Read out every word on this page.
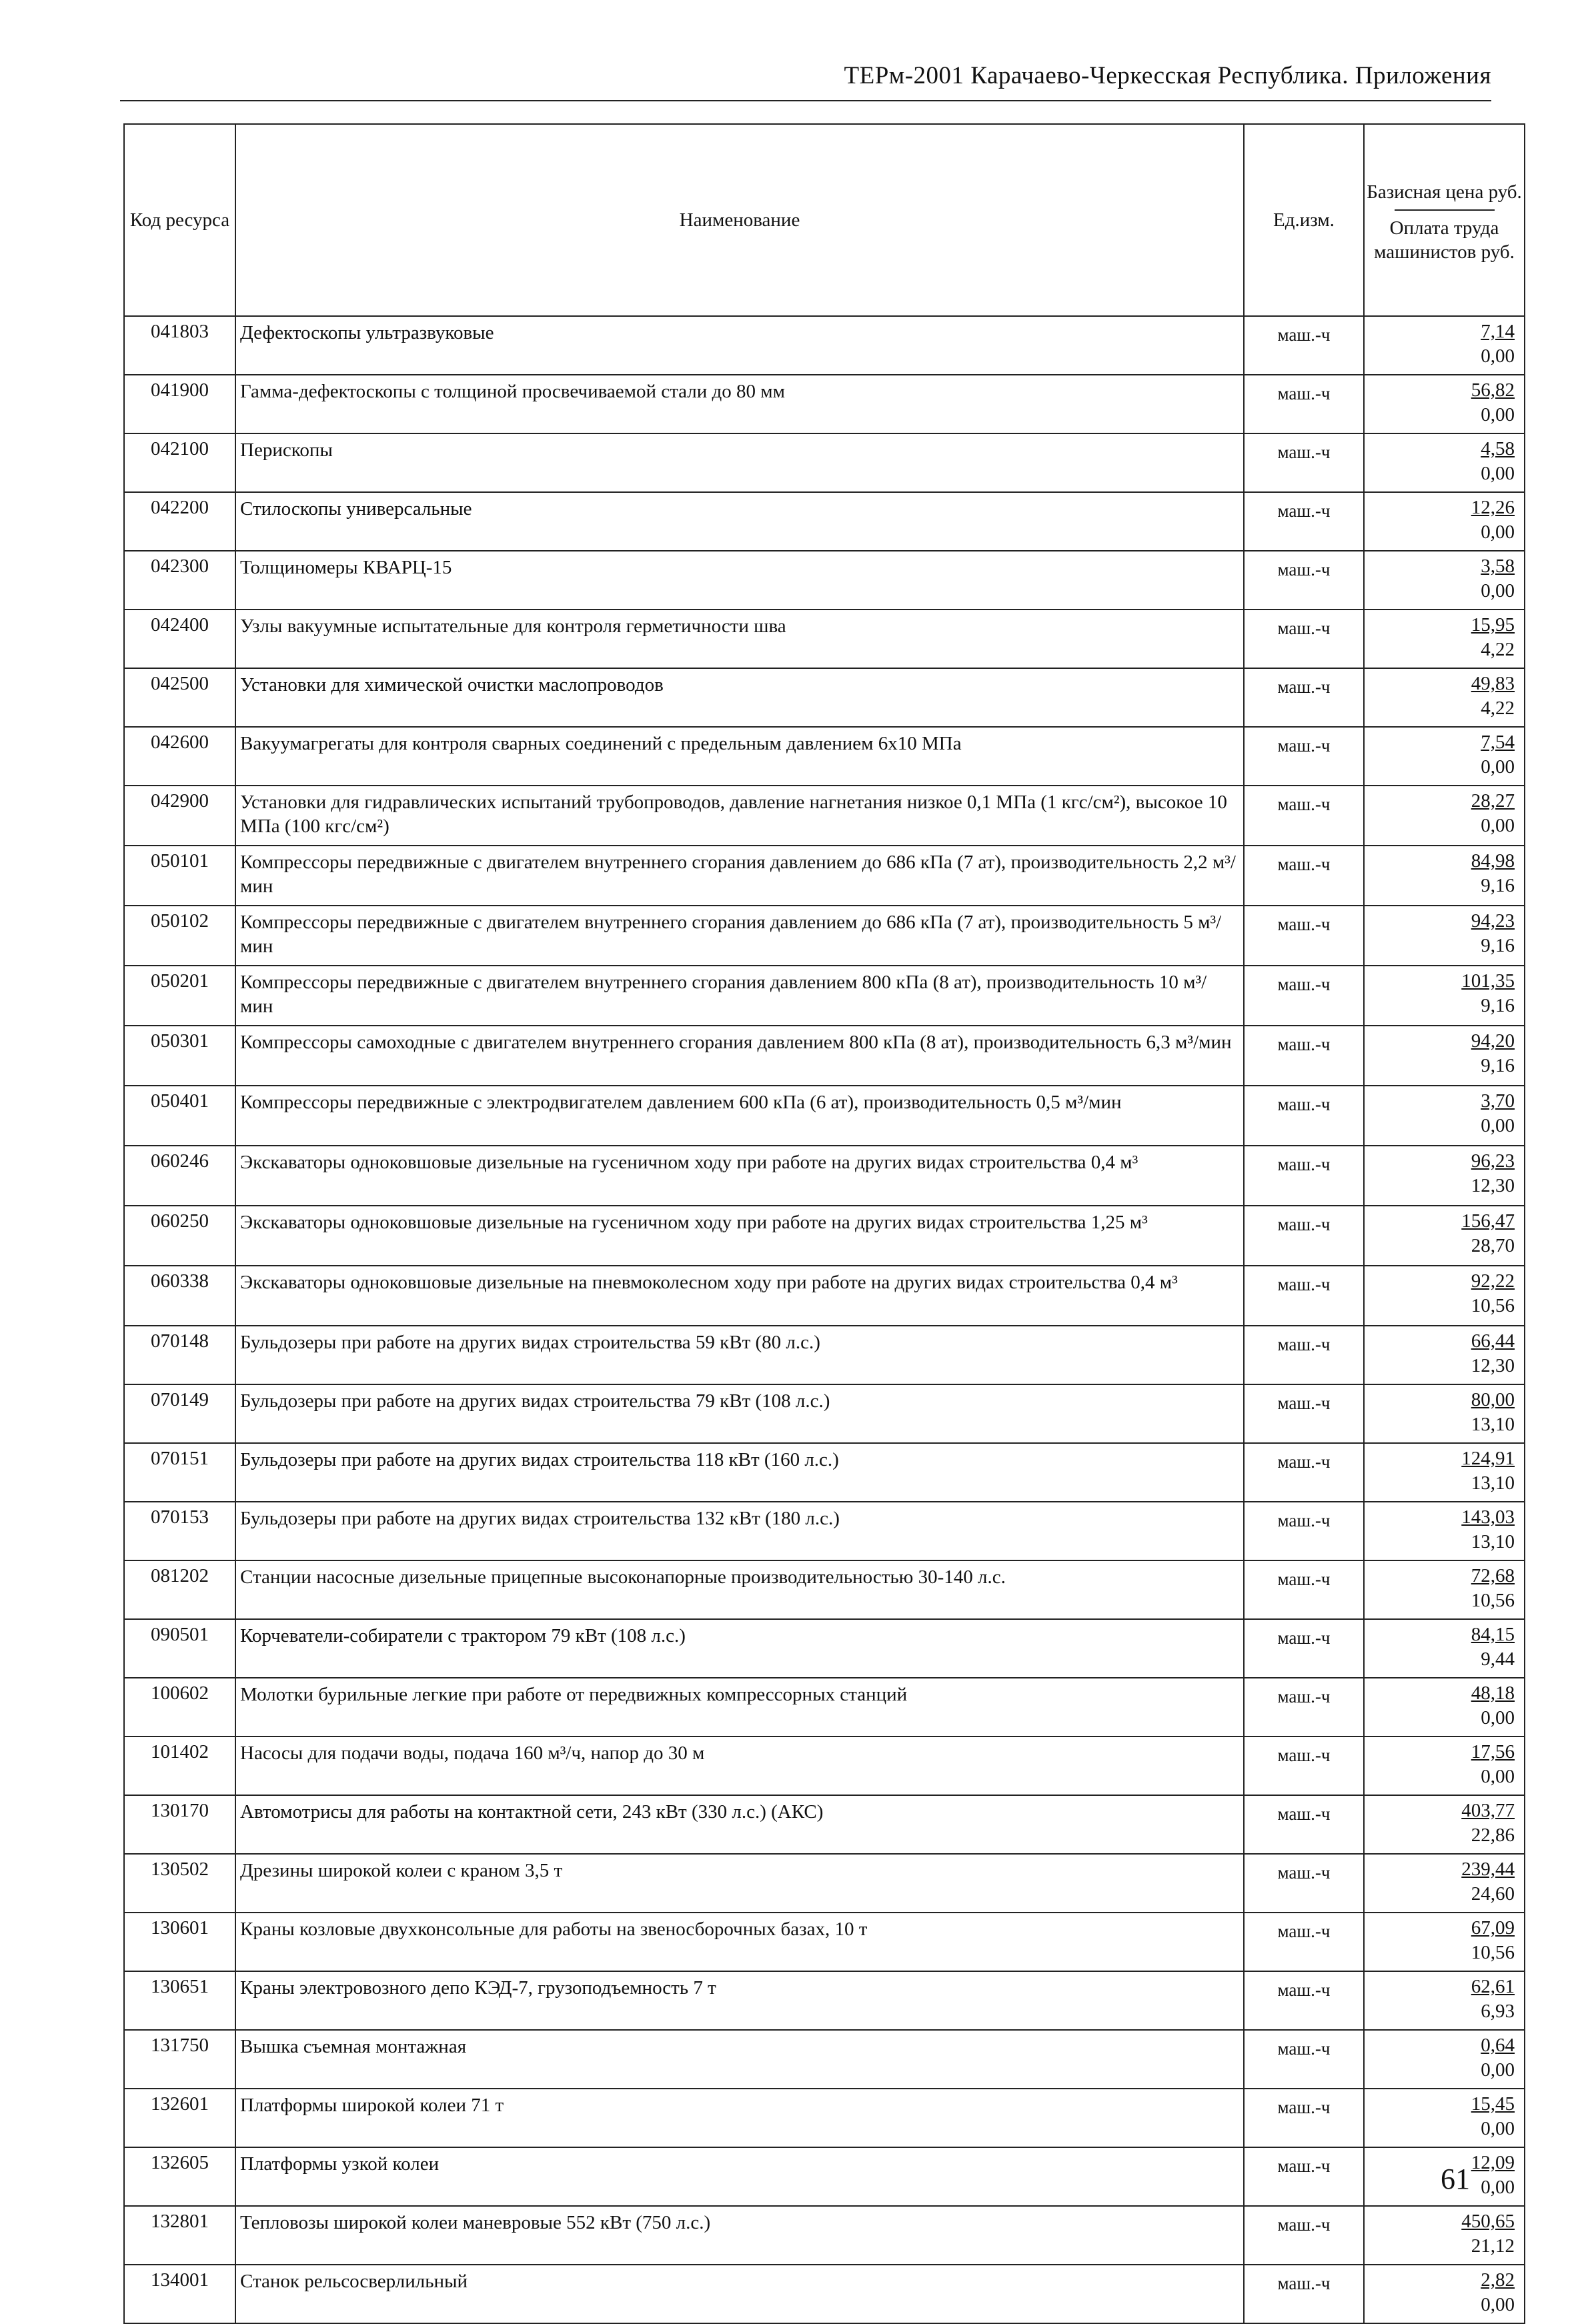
ТЕРм-2001 Карачаево-Черкесская Республика. Приложения
Код ресурса	Наименование	Ед.изм.	Базисная цена руб.
Оплата труда машинистов руб.
041803	Дефектоскопы ультразвуковые	маш.-ч	7,14
0,00

041900	Гамма-дефектоскопы с толщиной просвечиваемой стали до 80 мм	маш.-ч	56,82
0,00

042100	Перископы	маш.-ч	4,58
0,00

042200	Стилоскопы универсальные	маш.-ч	12,26
0,00

042300	Толщиномеры КВАРЦ-15	маш.-ч	3,58
0,00

042400	Узлы вакуумные испытательные для контроля герметичности шва	маш.-ч	15,95
4,22

042500	Установки для химической очистки маслопроводов	маш.-ч	49,83
4,22

042600	Вакуумагрегаты для контроля сварных соединений с предельным давлением 6х10 МПа	маш.-ч	7,54
0,00

042900	Установки для гидравлических испытаний трубопроводов, давление нагнетания низкое 0,1 МПа (1 кгс/см²), высокое 10 МПа (100 кгс/см²)	маш.-ч	28,27
0,00

050101	Компрессоры передвижные с двигателем внутреннего сгорания давлением до 686 кПа (7 ат), производительность 2,2 м³/мин	маш.-ч	84,98
9,16

050102	Компрессоры передвижные с двигателем внутреннего сгорания давлением до 686 кПа (7 ат), производительность 5 м³/мин	маш.-ч	94,23
9,16

050201	Компрессоры передвижные с двигателем внутреннего сгорания давлением 800 кПа (8 ат), производительность 10 м³/мин	маш.-ч	101,35
9,16

050301	Компрессоры самоходные с двигателем внутреннего сгорания давлением 800 кПа (8 ат), производительность 6,3 м³/мин	маш.-ч	94,20
9,16

050401	Компрессоры передвижные с электродвигателем давлением 600 кПа (6 ат), производительность 0,5 м³/мин	маш.-ч	3,70
0,00

060246	Экскаваторы одноковшовые дизельные на гусеничном ходу при работе на других видах строительства 0,4 м³	маш.-ч	96,23
12,30

060250	Экскаваторы одноковшовые дизельные на гусеничном ходу при работе на других видах строительства 1,25 м³	маш.-ч	156,47
28,70

060338	Экскаваторы одноковшовые дизельные на пневмоколесном ходу при работе на других видах строительства 0,4 м³	маш.-ч	92,22
10,56

070148	Бульдозеры при работе на других видах строительства 59 кВт (80 л.с.)	маш.-ч	66,44
12,30

070149	Бульдозеры при работе на других видах строительства 79 кВт (108 л.с.)	маш.-ч	80,00
13,10

070151	Бульдозеры при работе на других видах строительства 118 кВт (160 л.с.)	маш.-ч	124,91
13,10

070153	Бульдозеры при работе на других видах строительства 132 кВт (180 л.с.)	маш.-ч	143,03
13,10

081202	Станции насосные дизельные прицепные высоконапорные производительностью 30-140 л.с.	маш.-ч	72,68
10,56

090501	Корчеватели-собиратели с трактором 79 кВт (108 л.с.)	маш.-ч	84,15
9,44

100602	Молотки бурильные легкие при работе от передвижных компрессорных станций	маш.-ч	48,18
0,00

101402	Насосы для подачи воды, подача 160 м³/ч, напор до 30 м	маш.-ч	17,56
0,00

130170	Автомотрисы для работы на контактной сети, 243 кВт (330 л.с.) (АКС)	маш.-ч	403,77
22,86

130502	Дрезины широкой колеи с краном 3,5 т	маш.-ч	239,44
24,60

130601	Краны козловые двухконсольные для работы на звеносборочных базах, 10 т	маш.-ч	67,09
10,56

130651	Краны электровозного депо КЭД-7, грузоподъемность 7 т	маш.-ч	62,61
6,93

131750	Вышка съемная монтажная	маш.-ч	0,64
0,00

132601	Платформы широкой колеи 71 т	маш.-ч	15,45
0,00

132605	Платформы узкой колеи	маш.-ч	12,09
0,00

132801	Тепловозы широкой колеи маневровые 552 кВт (750 л.с.)	маш.-ч	450,65
21,12

134001	Станок рельсосверлильный	маш.-ч	2,82
0,00
61
